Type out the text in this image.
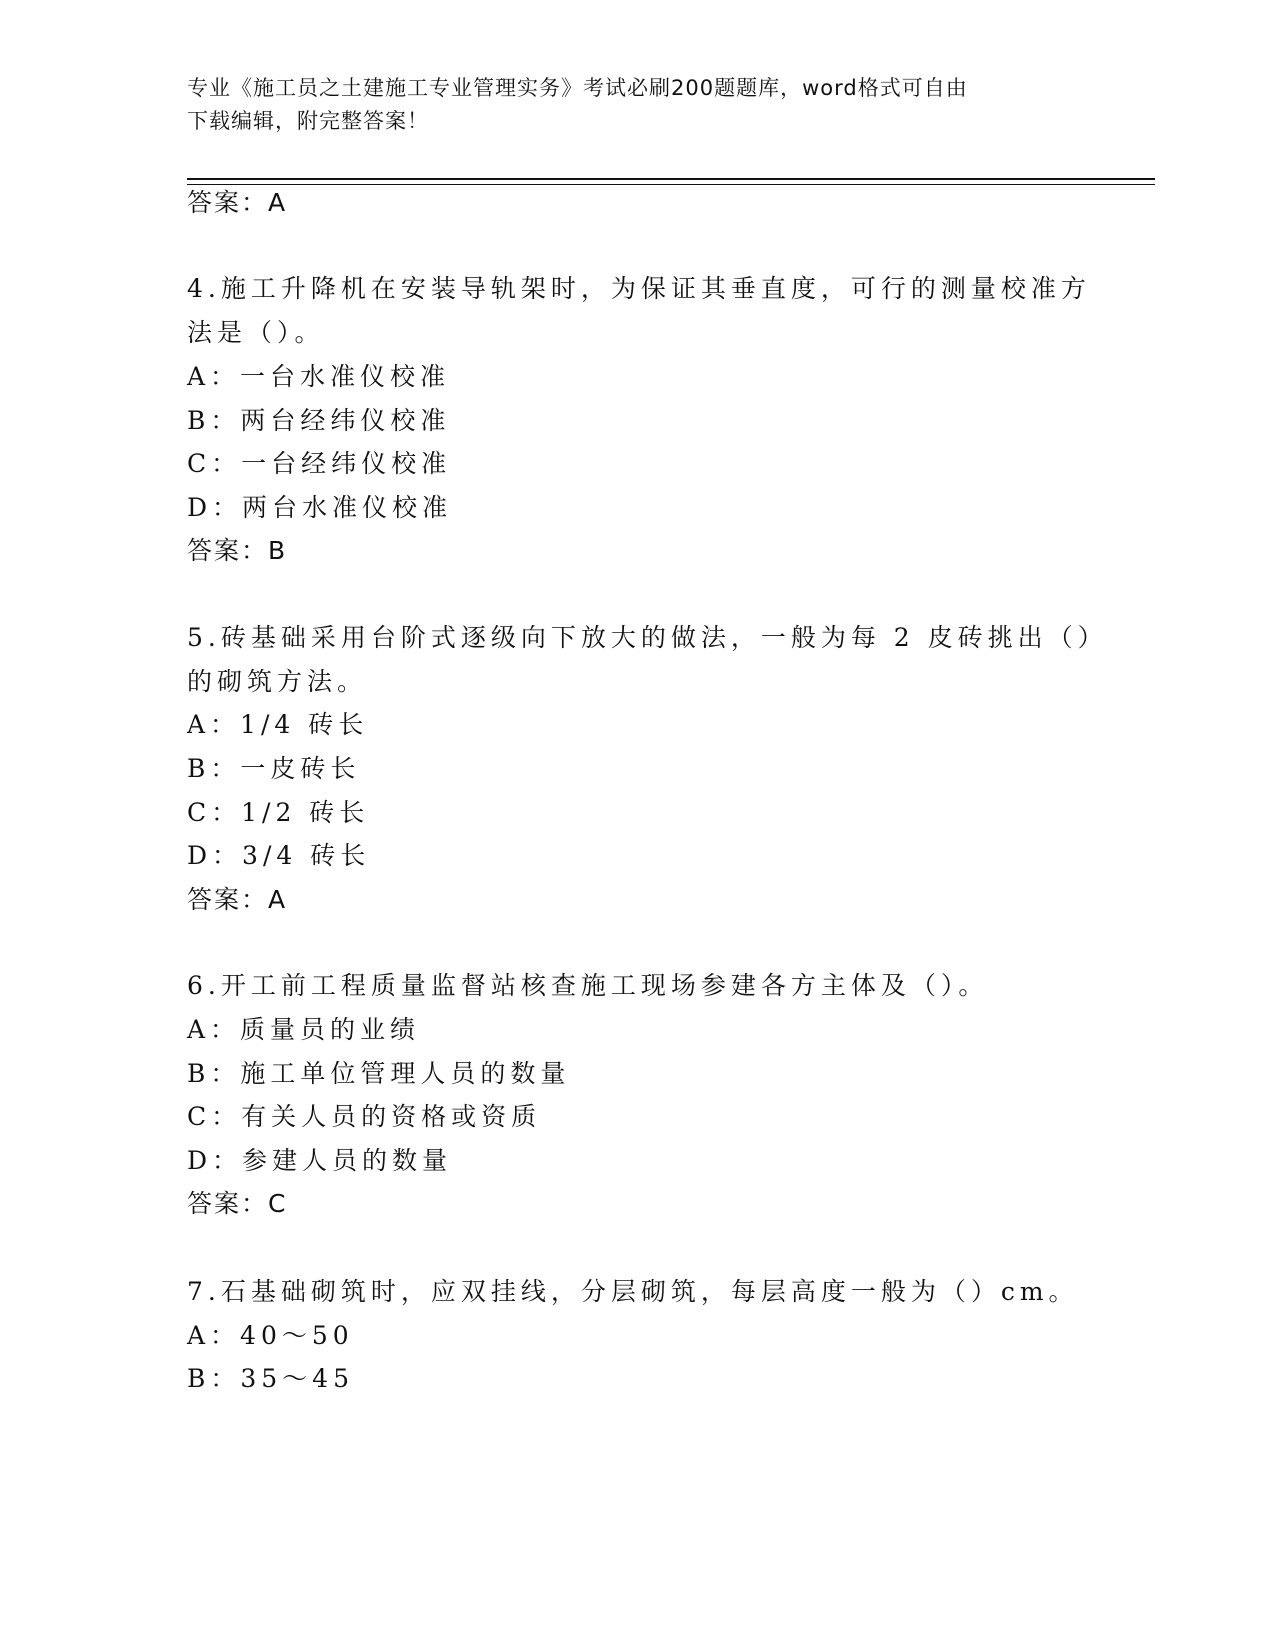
专业《施工员之土建施工专业管理实务》考试必刷200题题库，word格式可自由
下载编辑，附完整答案！
答案：A
4.施工升降机在安装导轨架时，为保证其垂直度，可行的测量校准方
法是（）。
A：一台水准仪校准
B：两台经纬仪校准
C：一台经纬仪校准
D：两台水准仪校准
答案：B
5.砖基础采用台阶式逐级向下放大的做法，一般为每 2 皮砖挑出（）
的砌筑方法。
A：1/4 砖长
B：一皮砖长
C：1/2 砖长
D：3/4 砖长
答案：A
6.开工前工程质量监督站核查施工现场参建各方主体及（）。
A：质量员的业绩
B：施工单位管理人员的数量
C：有关人员的资格或资质
D：参建人员的数量
答案：C
7.石基础砌筑时，应双挂线，分层砌筑，每层高度一般为（）cm。
A：40～50
B：35～45
